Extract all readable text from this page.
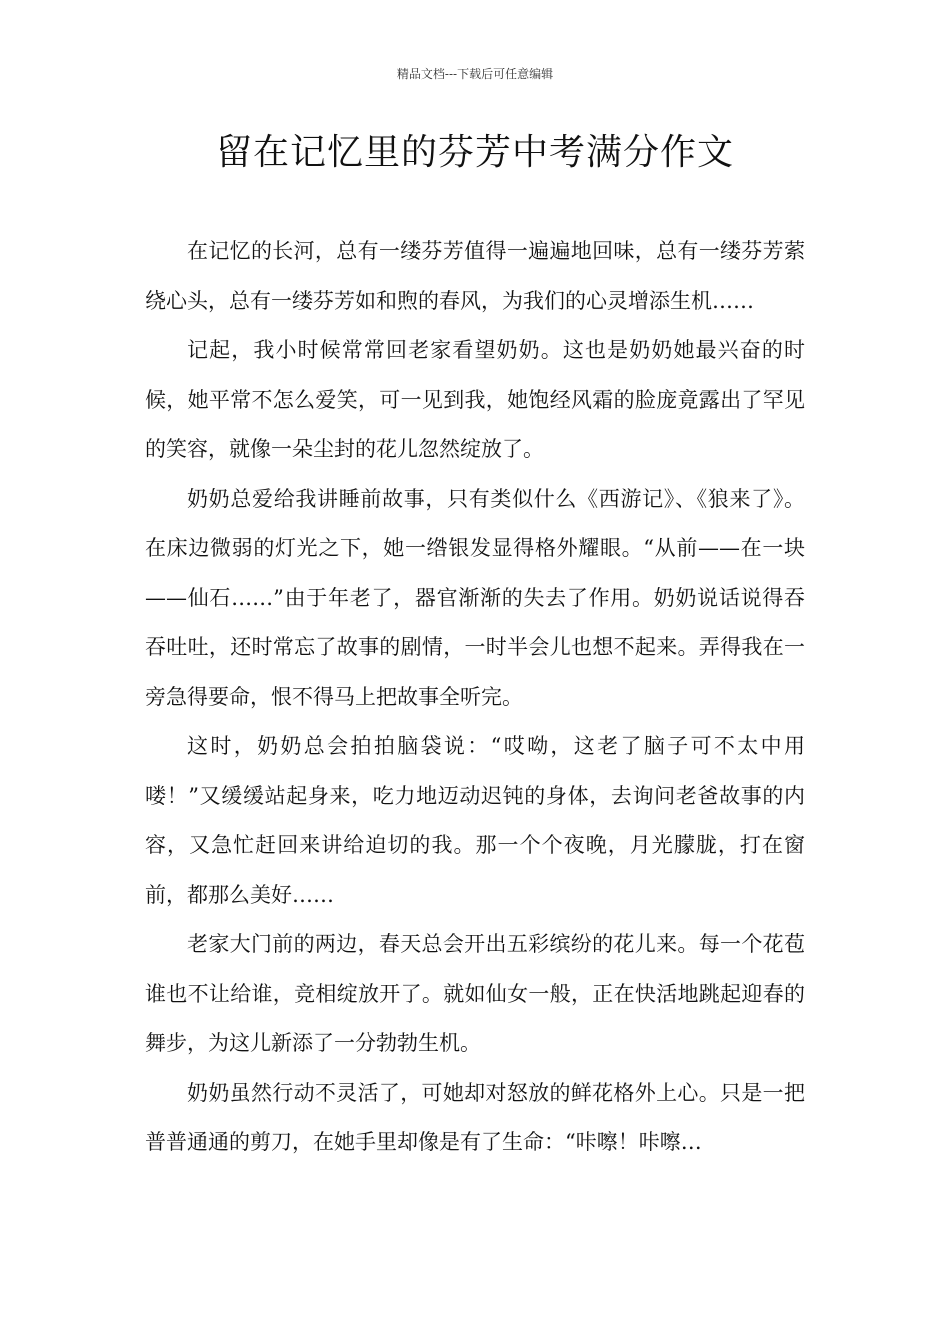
精品文档---下载后可任意编辑
留在记忆里的芬芳中考满分作文

在记忆的长河，总有一缕芬芳值得一遍遍地回味，总有一缕芬芳萦绕心头，总有一缕芬芳如和煦的春风，为我们的心灵增添生机……

记起，我小时候常常回老家看望奶奶。这也是奶奶她最兴奋的时候，她平常不怎么爱笑，可一见到我，她饱经风霜的脸庞竟露出了罕见的笑容，就像一朵尘封的花儿忽然绽放了。

奶奶总爱给我讲睡前故事，只有类似什么《西游记》、《狼来了》。在床边微弱的灯光之下，她一绺银发显得格外耀眼。“从前——在一块——仙石……”由于年老了，器官渐渐的失去了作用。奶奶说话说得吞吞吐吐，还时常忘了故事的剧情，一时半会儿也想不起来。弄得我在一旁急得要命，恨不得马上把故事全听完。

这时，奶奶总会拍拍脑袋说：“哎呦，这老了脑子可不太中用喽！”又缓缓站起身来，吃力地迈动迟钝的身体，去询问老爸故事的内容，又急忙赶回来讲给迫切的我。那一个个夜晚，月光朦胧，打在窗前，都那么美好……

老家大门前的两边，春天总会开出五彩缤纷的花儿来。每一个花苞谁也不让给谁，竞相绽放开了。就如仙女一般，正在快活地跳起迎春的舞步，为这儿新添了一分勃勃生机。

奶奶虽然行动不灵活了，可她却对怒放的鲜花格外上心。只是一把普普通通的剪刀，在她手里却像是有了生命：“咔嚓！咔嚓…
